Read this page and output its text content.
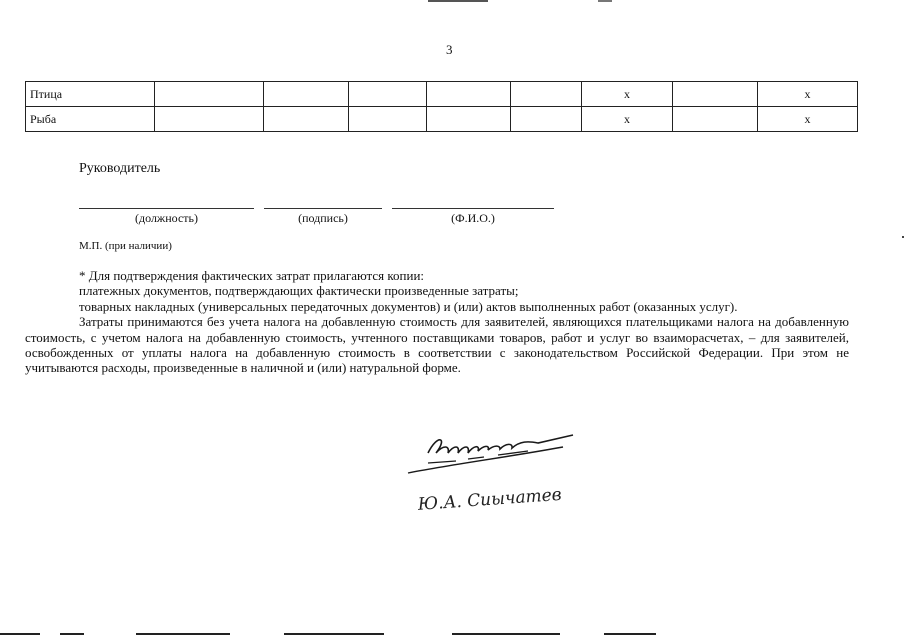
3
Птица						х		х
Рыба						х		х
Руководитель
(должность)	(подпись)	(Ф.И.О.)
М.П. (при наличии)

* Для подтверждения фактических затрат прилагаются копии:

платежных документов, подтверждающих фактически произведенные затраты;

товарных накладных (универсальных передаточных документов) и (или) актов выполненных работ (оказанных услуг).

Затраты принимаются без учета налога на добавленную стоимость для заявителей, являющихся плательщиками налога на добавленную стоимость, с учетом налога на добавленную стоимость, учтенного поставщиками товаров, работ и услуг во взаиморасчетах, – для заявителей, освобожденных от уплаты налога на добавленную стоимость в соответствии с законодательством Российской Федерации. При этом не учитываются расходы, произведенные в наличной и (или) натуральной форме.

Ю.А. Сиычатев
